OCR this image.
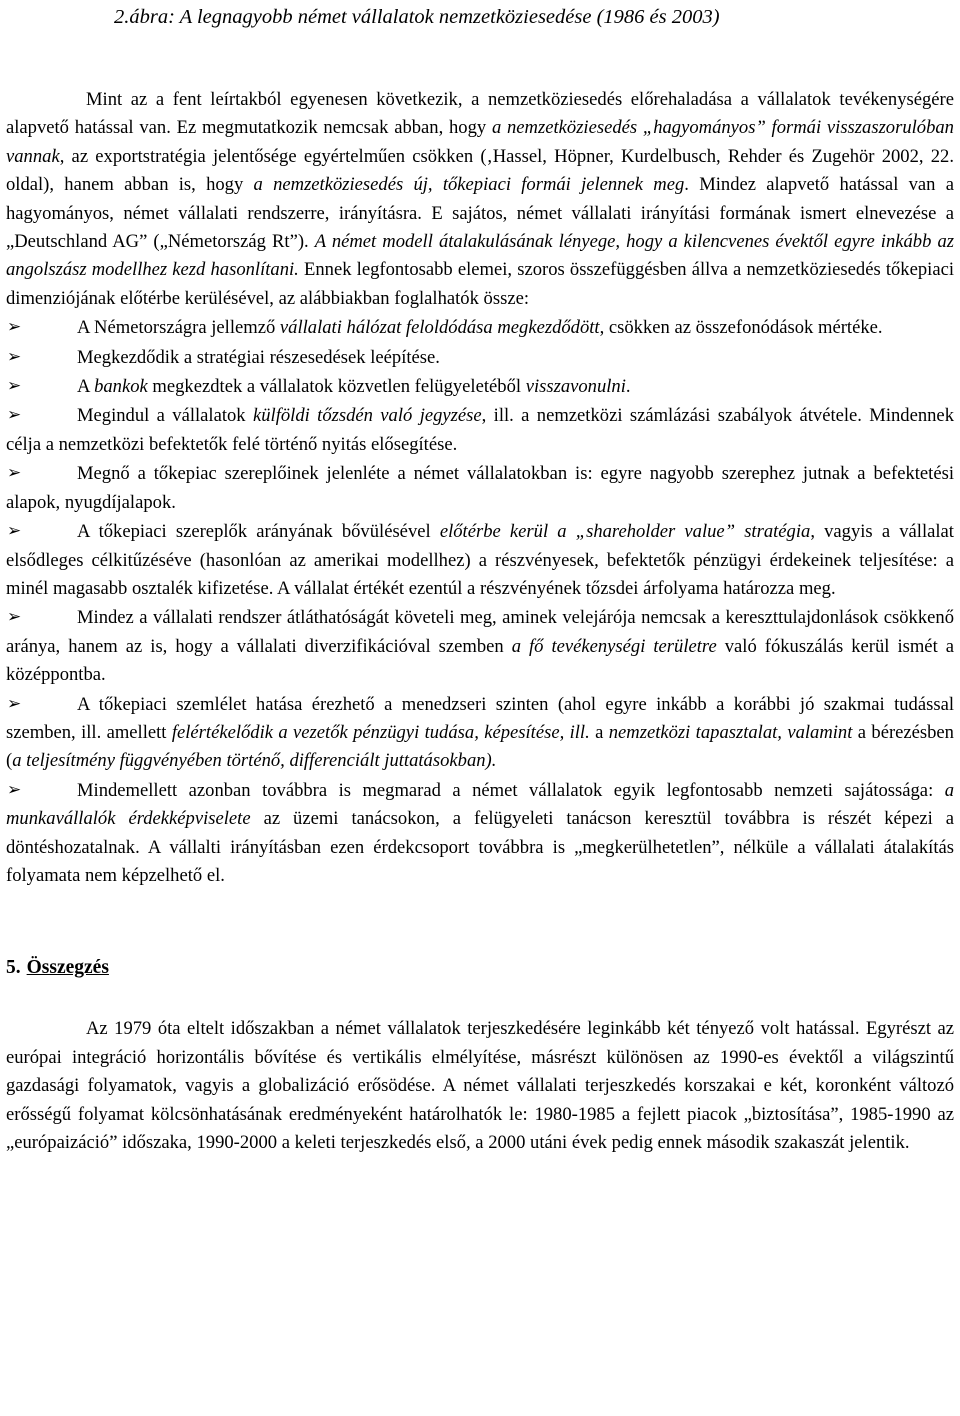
2.ábra: A legnagyobb német vállalatok nemzetköziesedése (1986 és 2003)

Mint az a fent leírtakból egyenesen következik, a nemzetköziesedés előrehaladása a vállalatok tevékenységére alapvető hatással van. Ez megmutatkozik nemcsak abban, hogy a nemzetköziesedés „hagyományos” formái visszaszorulóban vannak, az exportstratégia jelentősége egyértelműen csökken (‚Hassel, Höpner, Kurdelbusch, Rehder és Zugehör 2002, 22. oldal), hanem abban is, hogy a nemzetköziesedés új, tőkepiaci formái jelennek meg. Mindez alapvető hatással van a hagyományos, német vállalati rendszerre, irányításra. E sajátos, német vállalati irányítási formának ismert elnevezése a „Deutschland AG” („Németország Rt”). A német modell átalakulásának lényege, hogy a kilencvenes évektől egyre inkább az angolszász modellhez kezd hasonlítani. Ennek legfontosabb elemei, szoros összefüggésben állva a nemzetköziesedés tőkepiaci dimenziójának előtérbe kerülésével, az alábbiakban foglalhatók össze:

➢	A Németországra jellemző vállalati hálózat feloldódása megkezdődött, csökken az összefonódások mértéke.

➢	Megkezdődik a stratégiai részesedések leépítése.

➢	A bankok megkezdtek a vállalatok közvetlen felügyeletéből visszavonulni.

➢	Megindul a vállalatok külföldi tőzsdén való jegyzése, ill. a nemzetközi számlázási szabályok átvétele. Mindennek célja a nemzetközi befektetők felé történő nyitás elősegítése.

➢	Megnő a tőkepiac szereplőinek jelenléte a német vállalatokban is: egyre nagyobb szerephez jutnak a befektetési alapok, nyugdíjalapok.

➢	A tőkepiaci szereplők arányának bővülésével előtérbe kerül a „shareholder value” stratégia, vagyis a vállalat elsődleges célkitűzéséve (hasonlóan az amerikai modellhez) a részvényesek, befektetők pénzügyi érdekeinek teljesítése: a minél magasabb osztalék kifizetése. A vállalat értékét ezentúl a részvényének tőzsdei árfolyama határozza meg.

➢	Mindez a vállalati rendszer átláthatóságát követeli meg, aminek velejárója nemcsak a kereszttulajdonlások csökkenő aránya, hanem az is, hogy a vállalati diverzifikációval szemben a fő tevékenységi területre való fókuszálás kerül ismét a középpontba.

➢	A tőkepiaci szemlélet hatása érezhető a menedzseri szinten (ahol egyre inkább a korábbi jó szakmai tudással szemben, ill. amellett felértékelődik a vezetők pénzügyi tudása, képesítése, ill. a nemzetközi tapasztalat, valamint a bérezésben (a teljesítmény függvényében történő, differenciált juttatásokban).

➢	Mindemellett azonban továbbra is megmarad a német vállalatok egyik legfontosabb nemzeti sajátossága: a munkavállalók érdekképviselete az üzemi tanácsokon, a felügyeleti tanácson keresztül továbbra is részét képezi a döntéshozatalnak. A vállalti irányításban ezen érdekcsoport továbbra is „megkerülhetetlen”, nélküle a vállalati átalakítás folyamata nem képzelhető el.

5. Összegzés

Az 1979 óta eltelt időszakban a német vállalatok terjeszkedésére leginkább két tényező volt hatással. Egyrészt az európai integráció horizontális bővítése és vertikális elmélyítése, másrészt különösen az 1990-es évektől a világszintű gazdasági folyamatok, vagyis a globalizáció erősödése. A német vállalati terjeszkedés korszakai e két, koronként változó erősségű folyamat kölcsönhatásának eredményeként határolhatók le: 1980-1985 a fejlett piacok „biztosítása”, 1985-1990 az „európaizáció” időszaka, 1990-2000 a keleti terjeszkedés első, a 2000 utáni évek pedig ennek második szakaszát jelentik.
